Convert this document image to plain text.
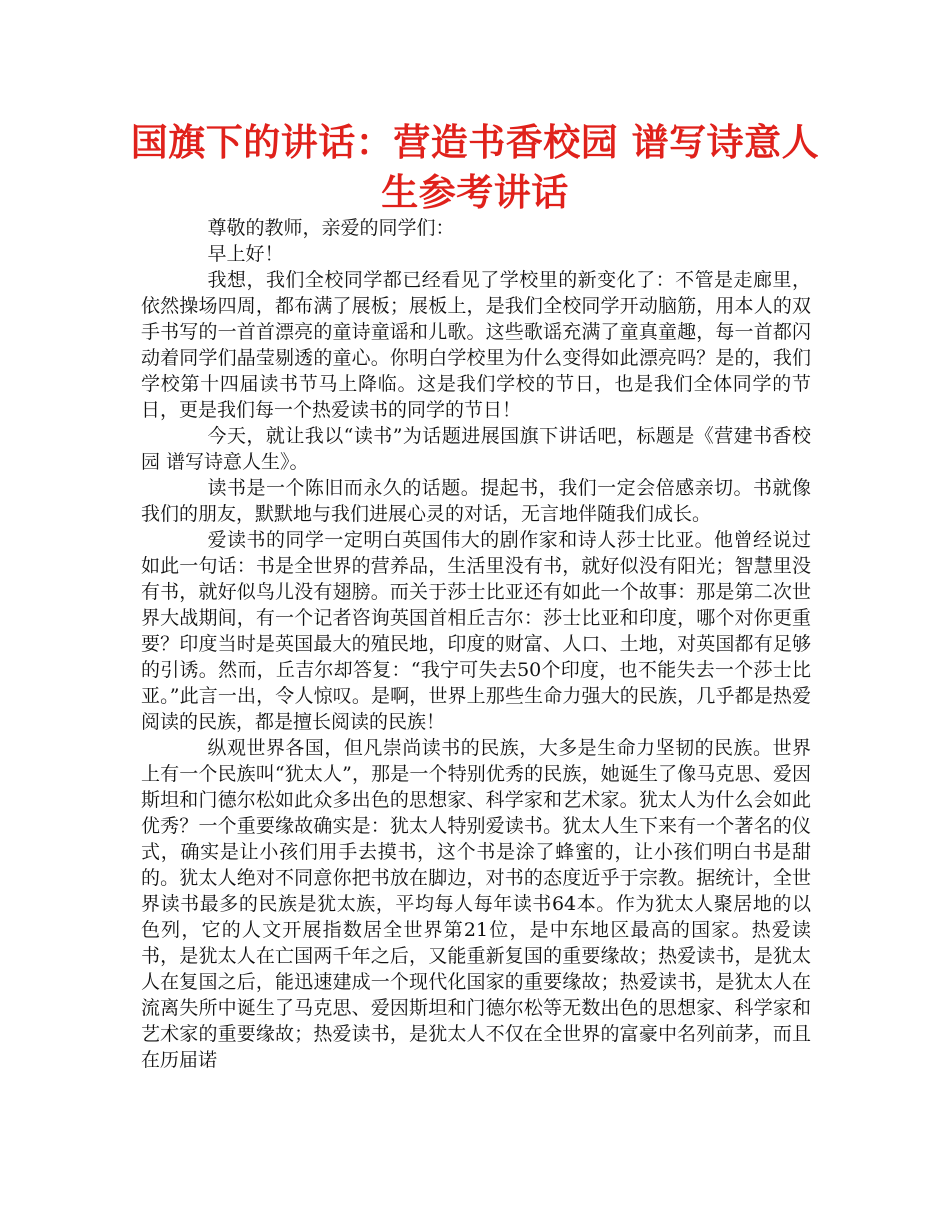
国旗下的讲话：营造书香校园 谱写诗意人生参考讲话

尊敬的教师，亲爱的同学们：

早上好！

我想，我们全校同学都已经看见了学校里的新变化了：不管是走廊里，依然操场四周，都布满了展板；展板上，是我们全校同学开动脑筋，用本人的双手书写的一首首漂亮的童诗童谣和儿歌。这些歌谣充满了童真童趣，每一首都闪动着同学们晶莹剔透的童心。你明白学校里为什么变得如此漂亮吗？是的，我们学校第十四届读书节马上降临。这是我们学校的节日，也是我们全体同学的节日，更是我们每一个热爱读书的同学的节日！

今天，就让我以“读书”为话题进展国旗下讲话吧，标题是《营建书香校园 谱写诗意人生》。

读书是一个陈旧而永久的话题。提起书，我们一定会倍感亲切。书就像我们的朋友，默默地与我们进展心灵的对话，无言地伴随我们成长。

爱读书的同学一定明白英国伟大的剧作家和诗人莎士比亚。他曾经说过如此一句话：书是全世界的营养品，生活里没有书，就好似没有阳光；智慧里没有书，就好似鸟儿没有翅膀。而关于莎士比亚还有如此一个故事：那是第二次世界大战期间，有一个记者咨询英国首相丘吉尔：莎士比亚和印度，哪个对你更重要？印度当时是英国最大的殖民地，印度的财富、人口、土地，对英国都有足够的引诱。然而，丘吉尔却答复：“我宁可失去50个印度，也不能失去一个莎士比亚。”此言一出，令人惊叹。是啊，世界上那些生命力强大的民族，几乎都是热爱阅读的民族，都是擅长阅读的民族！

纵观世界各国，但凡崇尚读书的民族，大多是生命力坚韧的民族。世界上有一个民族叫“犹太人”，那是一个特别优秀的民族，她诞生了像马克思、爱因斯坦和门德尔松如此众多出色的思想家、科学家和艺术家。犹太人为什么会如此优秀？一个重要缘故确实是：犹太人特别爱读书。犹太人生下来有一个著名的仪式，确实是让小孩们用手去摸书，这个书是涂了蜂蜜的，让小孩们明白书是甜的。犹太人绝对不同意你把书放在脚边，对书的态度近乎于宗教。据统计，全世界读书最多的民族是犹太族，平均每人每年读书64本。作为犹太人聚居地的以色列，它的人文开展指数居全世界第21位，是中东地区最高的国家。热爱读书，是犹太人在亡国两千年之后，又能重新复国的重要缘故；热爱读书，是犹太人在复国之后，能迅速建成一个现代化国家的重要缘故；热爱读书，是犹太人在流离失所中诞生了马克思、爱因斯坦和门德尔松等无数出色的思想家、科学家和艺术家的重要缘故；热爱读书，是犹太人不仅在全世界的富豪中名列前茅，而且在历届诺
